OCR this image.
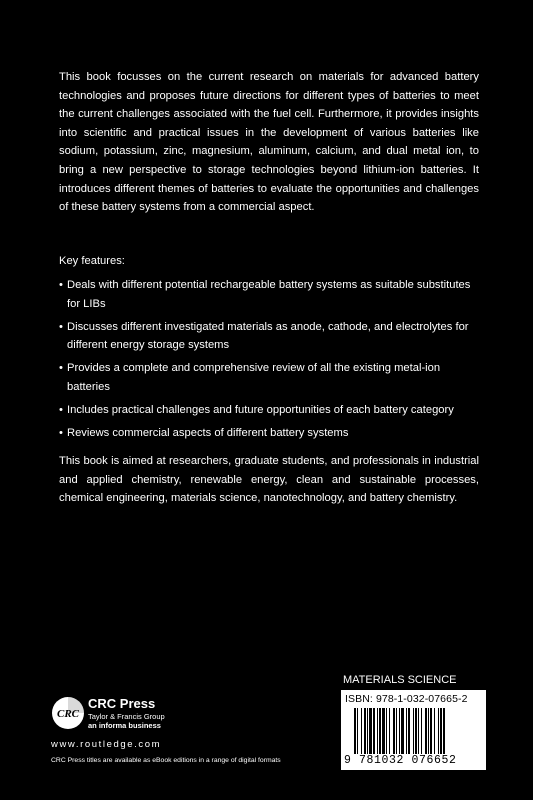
This book focusses on the current research on materials for advanced battery technologies and proposes future directions for different types of batteries to meet the current challenges associated with the fuel cell. Furthermore, it provides insights into scientific and practical issues in the development of various batteries like sodium, potassium, zinc, magnesium, aluminum, calcium, and dual metal ion, to bring a new perspective to storage technologies beyond lithium-ion batteries. It introduces different themes of batteries to evaluate the opportunities and challenges of these battery systems from a commercial aspect.
Key features:
• Deals with different potential rechargeable battery systems as suitable substitutes for LIBs
• Discusses different investigated materials as anode, cathode, and electrolytes for different energy storage systems
• Provides a complete and comprehensive review of all the existing metal-ion batteries
• Includes practical challenges and future opportunities of each battery category
• Reviews commercial aspects of different battery systems
This book is aimed at researchers, graduate students, and professionals in industrial and applied chemistry, renewable energy, clean and sustainable processes, chemical engineering, materials science, nanotechnology, and battery chemistry.
MATERIALS SCIENCE
ISBN: 978-1-032-07665-2
9 781032 076652
CRC
CRC Press
Taylor & Francis Group
an informa business
www.routledge.com
CRC Press titles are available as eBook editions in a range of digital formats
